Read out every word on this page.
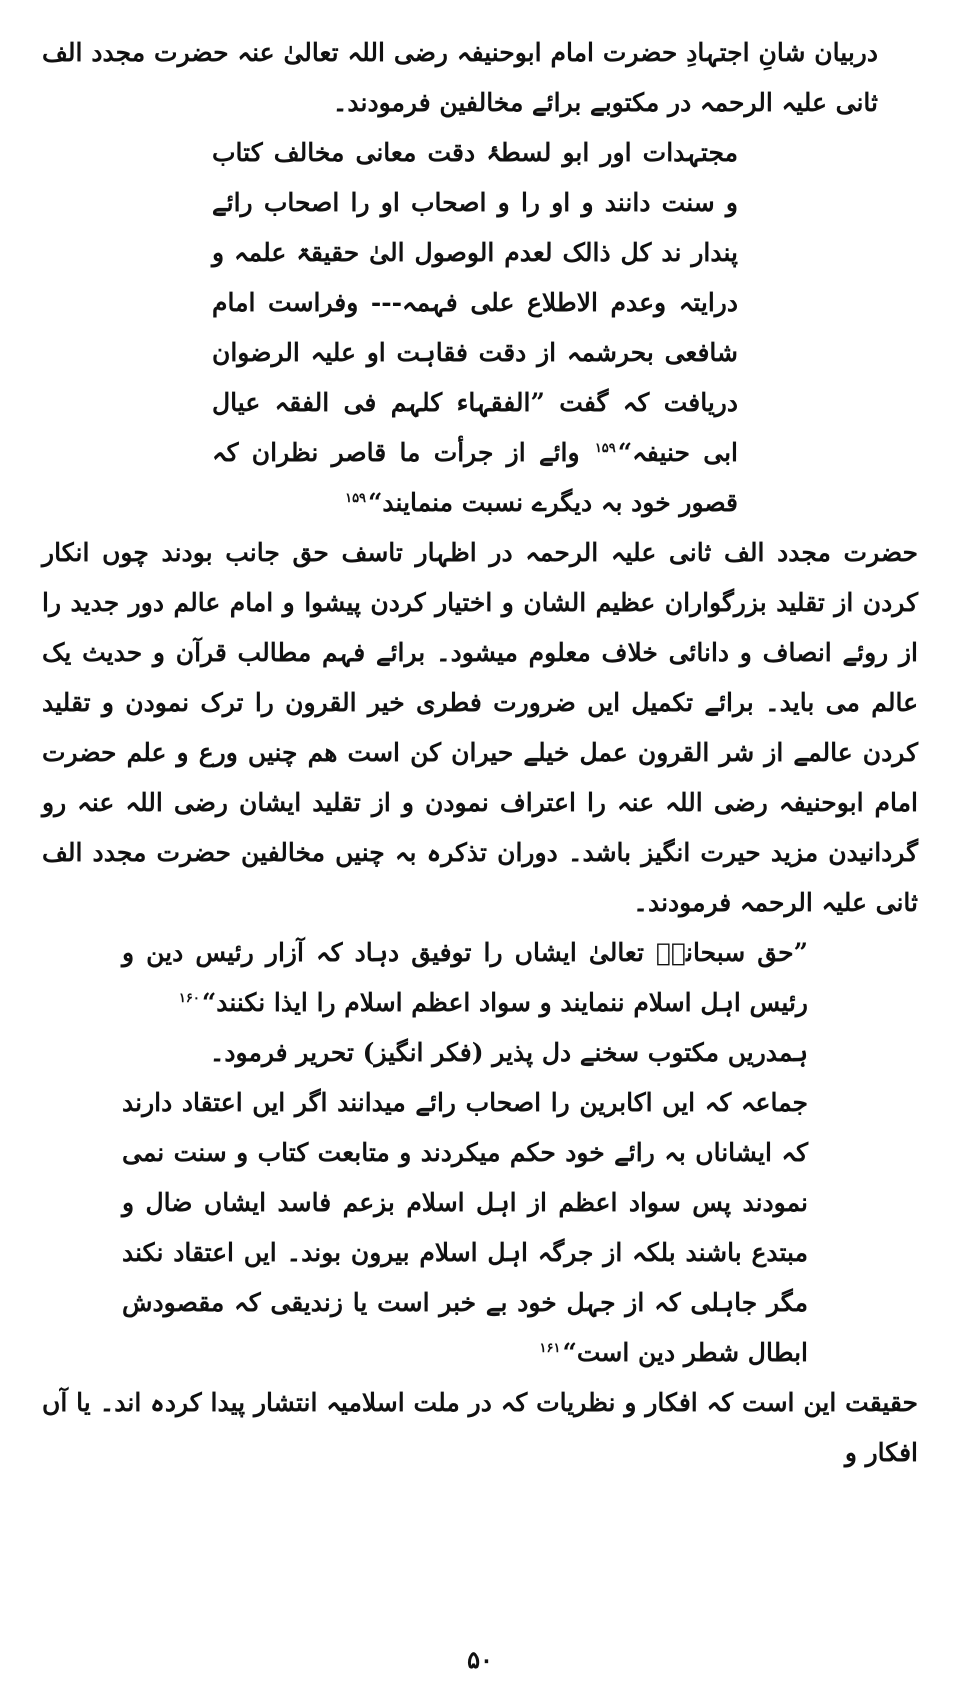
دربیان شانِ اجتہادِ حضرت امام ابوحنیفہ رضی اللہ تعالیٰ عنہ حضرت مجدد الف ثانی علیہ الرحمہ در مکتوبے برائے مخالفین فرمودند۔

مجتہدات اور ابو لسطۂ دقت معانی مخالف کتاب و سنت دانند و او را و اصحاب او را اصحاب رائے پندار ند کل ذالک لعدم الوصول الیٰ حقیقۃ علمہ و درایتہ وعدم الاطلاع علی فہمہ--- وفراست امام شافعی بحرشمہ از دقت فقاہت او علیہ الرضوان دریافت کہ گفت ”الفقہاء کلہم فی الفقہ عیال ابی حنیفہ“$^{۱۵۹}$ وائے از جرأت ما قاصر نظران کہ قصور خود بہ دیگرے نسبت منمایند“$^{۱۵۹}$

حضرت مجدد الف ثانی علیہ الرحمہ در اظہار تاسف حق جانب بودند چوں انکار کردن از تقلید بزرگواران عظیم الشان و اختیار کردن پیشوا و امام عالم دور جدید را از روئے انصاف و دانائی خلاف معلوم میشود۔ برائے فہم مطالب قرآن و حدیث یک عالم می باید۔ برائے تکمیل ایں ضرورت فطری خیر القرون را ترک نمودن و تقلید کردن عالمے از شر القرون عمل خیلے حیران کن است ھم چنیں ورع و علم حضرت امام ابوحنیفہ رضی اللہ عنہ را اعتراف نمودن و از تقلید ایشان رضی اللہ عنہ رو گردانیدن مزید حیرت انگیز باشد۔ دوران تذکرہ بہ چنیں مخالفین حضرت مجدد الف ثانی علیہ الرحمہ فرمودند۔

”حق سبحانہٗ تعالیٰ ایشاں را توفیق دہاد کہ آزار رئیس دین و رئیس اہل اسلام ننمایند و سواد اعظم اسلام را ایذا نکنند“$^{۱۶۰}$

ہمدریں مکتوب سخنے دل پذیر (فکر انگیز) تحریر فرمود۔

جماعہ کہ ایں اکابرین را اصحاب رائے میدانند اگر ایں اعتقاد دارند کہ ایشاناں بہ رائے خود حکم میکردند و متابعت کتاب و سنت نمی نمودند پس سواد اعظم از اہل اسلام بزعم فاسد ایشاں ضال و مبتدع باشند بلکہ از جرگہ اہل اسلام بیرون بوند۔ ایں اعتقاد نکند مگر جاہلی کہ از جہل خود بے خبر است یا زندیقی کہ مقصودش ابطال شطر دین است“$^{۱۶۱}$

حقیقت این است کہ افکار و نظریات کہ در ملت اسلامیہ انتشار پیدا کردہ اند۔ یا آں افکار و

۵۰
